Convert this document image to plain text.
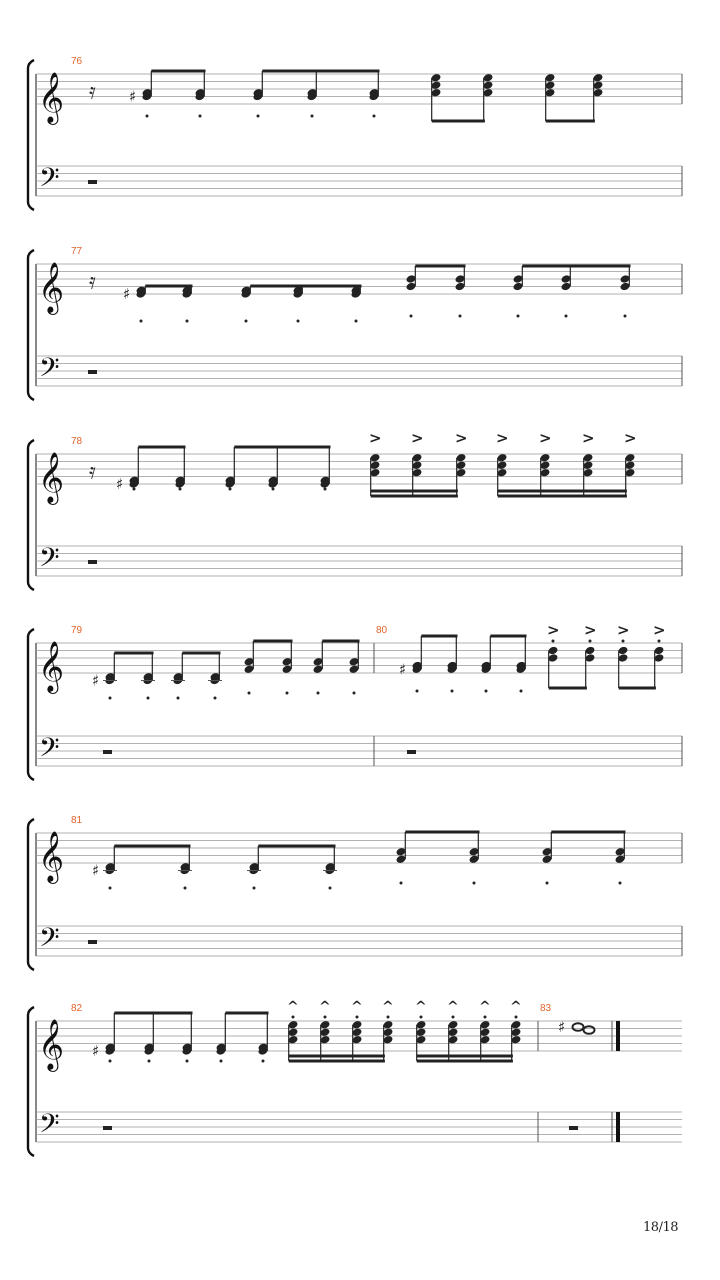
𝄞
𝄢
76
𝄞
𝄢
77
𝄞
𝄢
78
𝄞
𝄢
79	80
𝄞
𝄢
81
𝄞
𝄢
82	83
𝄿 ♯
𝄿 ♯
𝄿 ♯
> > > > > > >
♯
♯
> > > >
♯
♯
^ ^ ^ ^ ^ ^ ^ ^
♯
18/18
